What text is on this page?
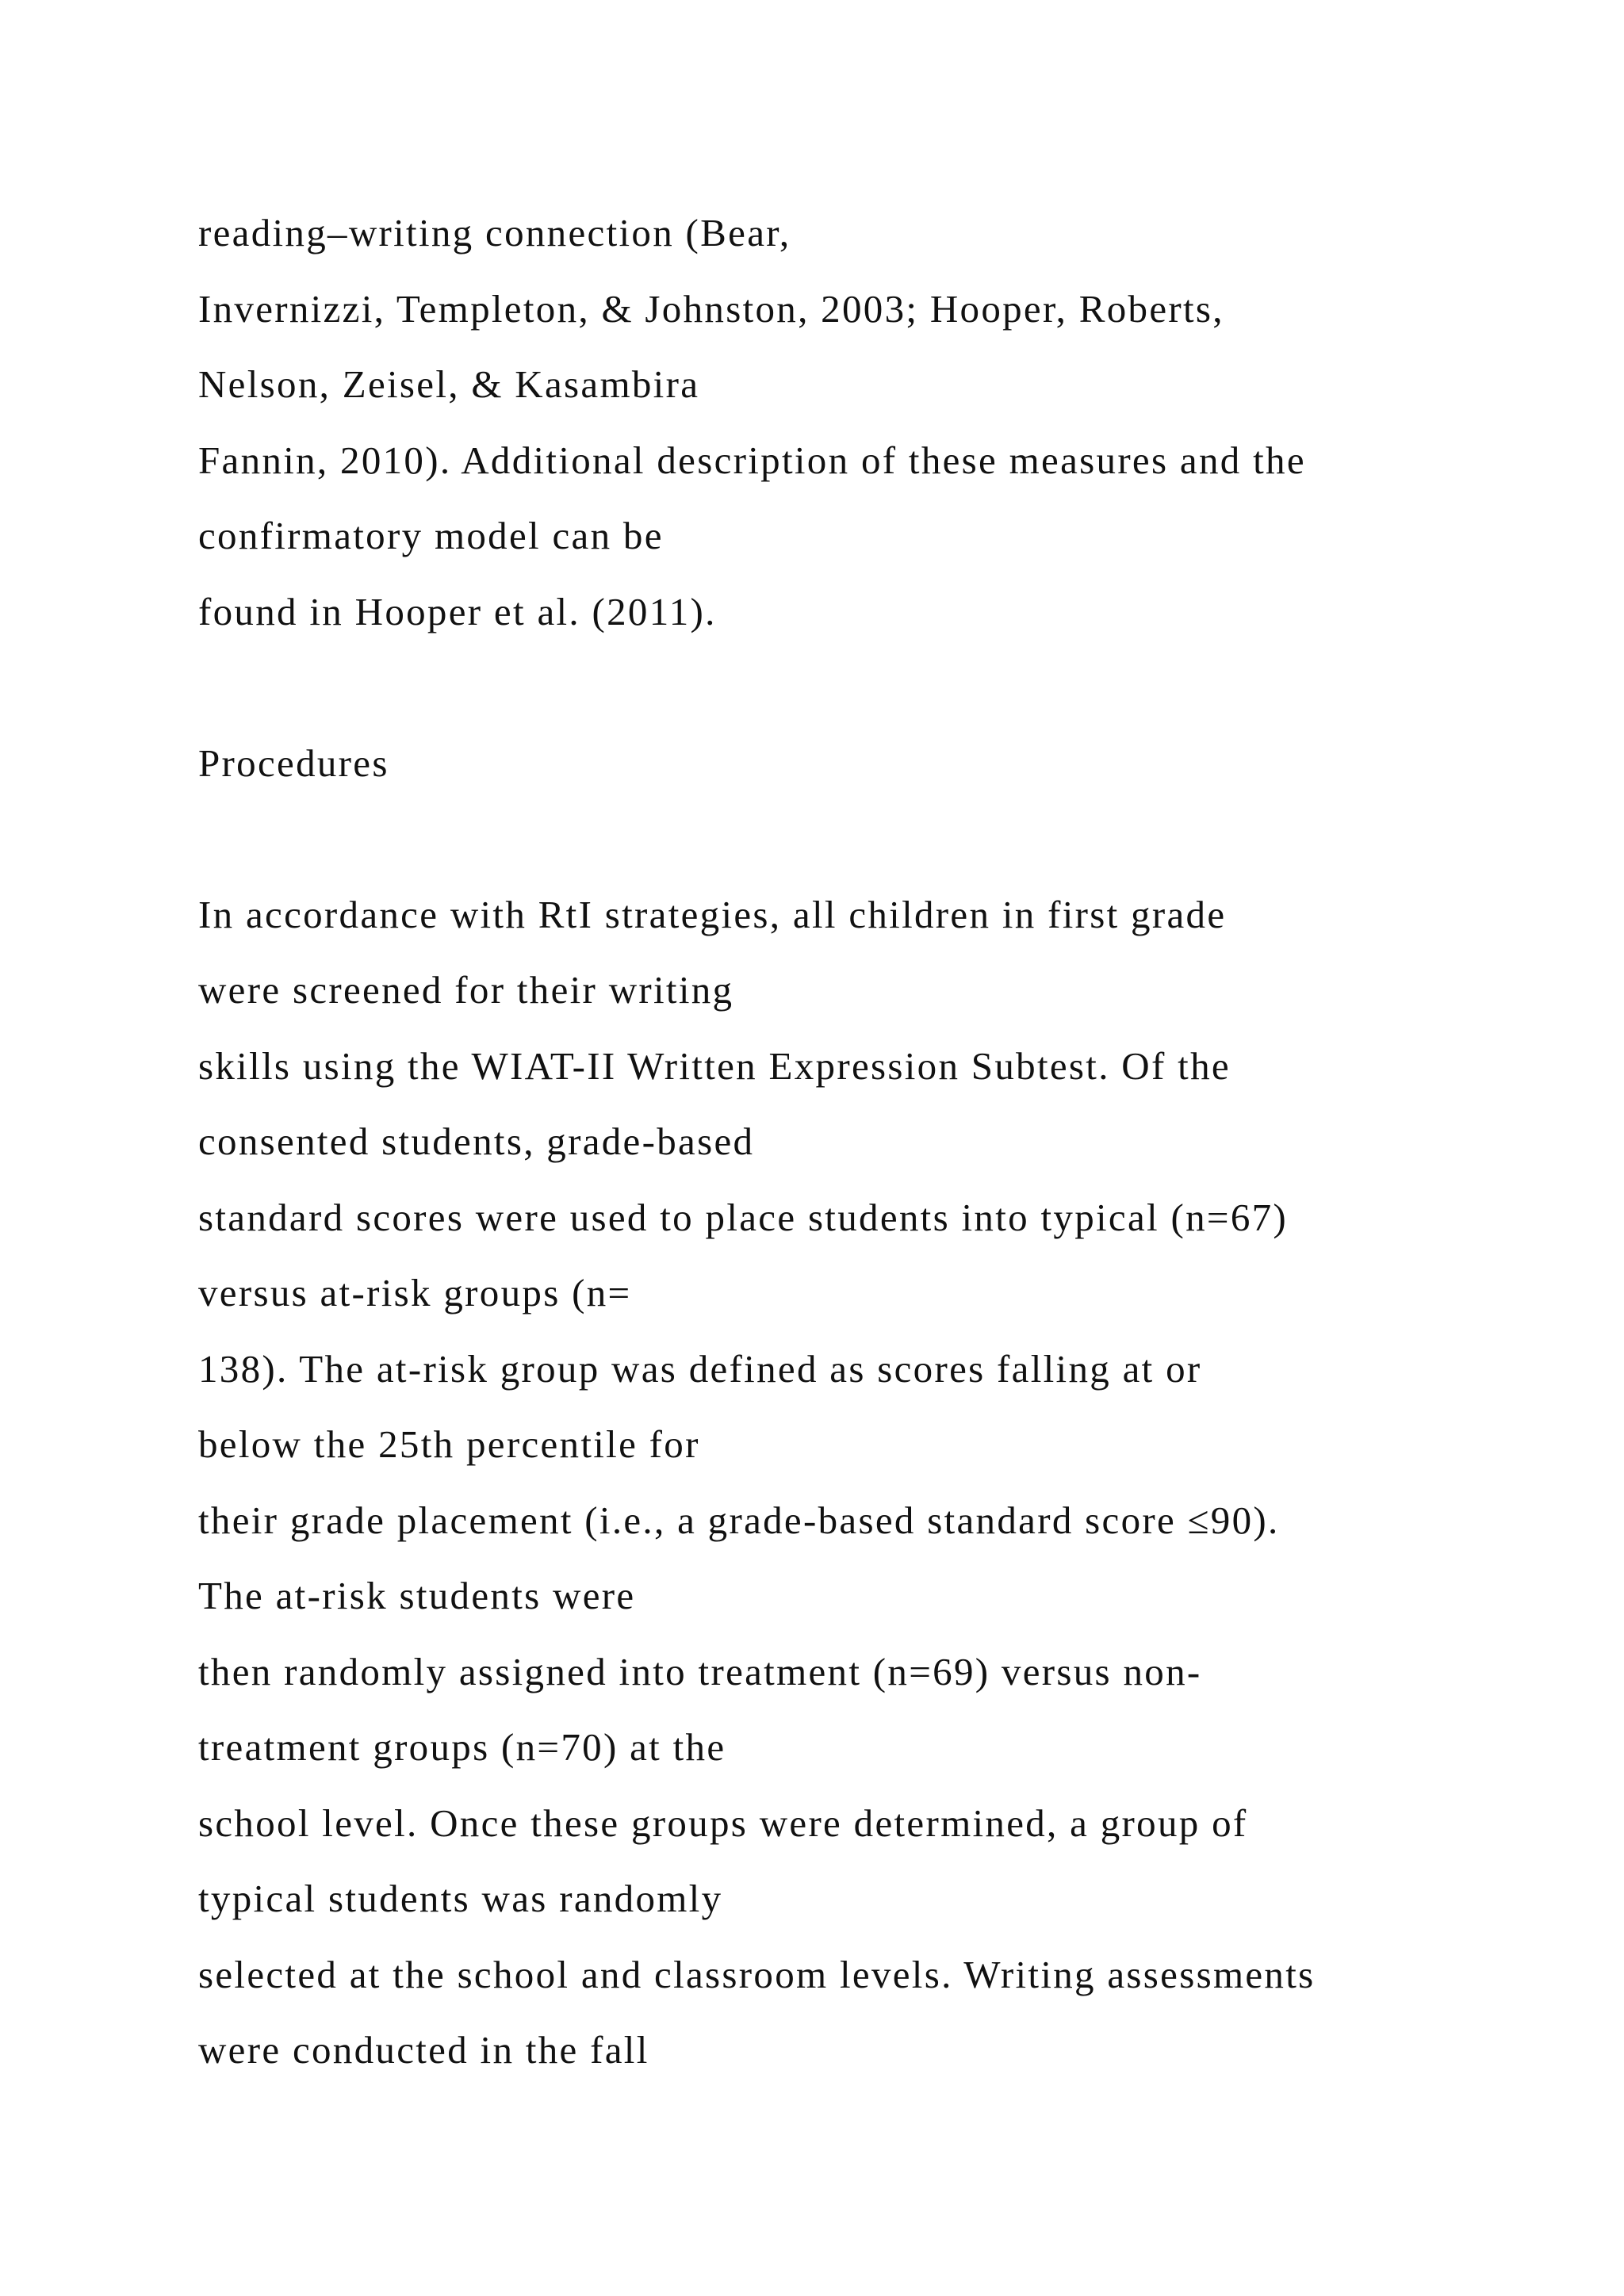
reading–writing connection (Bear,
Invernizzi, Templeton, & Johnston, 2003; Hooper, Roberts,
Nelson, Zeisel, & Kasambira
Fannin, 2010). Additional description of these measures and the
confirmatory model can be
found in Hooper et al. (2011).
Procedures
In accordance with RtI strategies, all children in first grade
were screened for their writing
skills using the WIAT-II Written Expression Subtest. Of the
consented students, grade-based
standard scores were used to place students into typical (n=67)
versus at-risk groups (n=
138). The at-risk group was defined as scores falling at or
below the 25th percentile for
their grade placement (i.e., a grade-based standard score ≤90).
The at-risk students were
then randomly assigned into treatment (n=69) versus non-
treatment groups (n=70) at the
school level. Once these groups were determined, a group of
typical students was randomly
selected at the school and classroom levels. Writing assessments
were conducted in the fall
